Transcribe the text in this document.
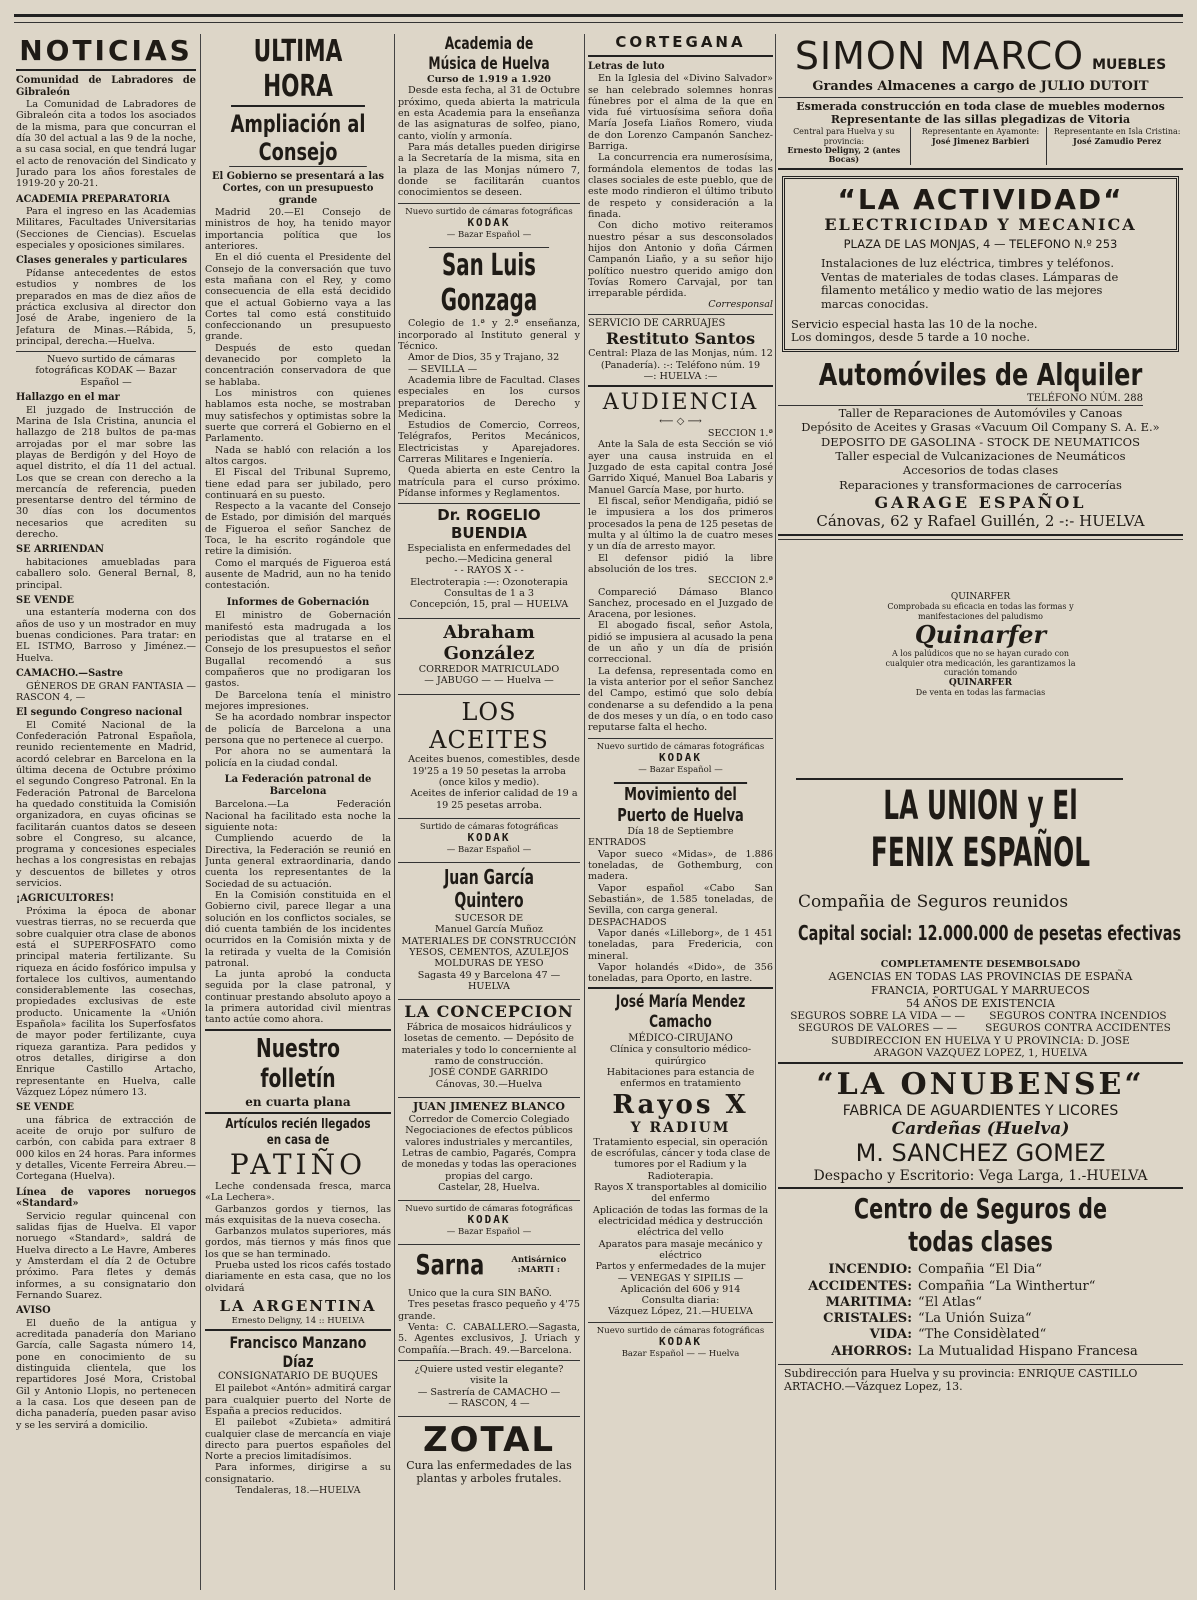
NOTICIAS
Comunidad de Labradores de Gibraleón

La Comunidad de Labradores de Gibraleón cita a todos los asociados de la misma, para que concurran el día 30 del actual a las 9 de la noche, a su casa social, en que tendrá lugar el acto de renovación del Sindicato y Jurado para los años forestales de 1919-20 y 20-21.

ACADEMIA PREPARATORIA

Para el ingreso en las Academias Militares, Facultades Universitarias (Secciones de Ciencias). Escuelas especiales y oposiciones similares.

Clases generales y particulares

Pídanse antecedentes de estos estudios y nombres de los preparados en mas de diez años de práctica exclusiva al director don José de Arabe, ingeniero de la Jefatura de Minas.—Rábida, 5, principal, derecha.—Huelva.

Nuevo surtido de cámaras fotográficas KODAK — Bazar Español —

Hallazgo en el mar

El juzgado de Instrucción de Marina de Isla Cristina, anuncia el hallazgo de 218 bultos de pa-mas arrojadas por el mar sobre las playas de Berdigón y del Hoyo de aquel distrito, el día 11 del actual. Los que se crean con derecho a la mercancía de referencia, pueden presentarse dentro del término de 30 días con los documentos necesarios que acrediten su derecho.

SE ARRIENDAN

habitaciones amuebladas para caballero solo. General Bernal, 8, principal.

SE VENDE

una estantería moderna con dos años de uso y un mostrador en muy buenas condiciones. Para tratar: en EL ISTMO, Barroso y Jiménez.—Huelva.

CAMACHO.—Sastre

GÉNEROS DE GRAN FANTASIA — RASCON 4, —

El segundo Congreso nacional

El Comité Nacional de la Confederación Patronal Española, reunido recientemente en Madrid, acordó celebrar en Barcelona en la última decena de Octubre próximo el segundo Congreso Patronal. En la Federación Patronal de Barcelona ha quedado constituida la Comisión organizadora, en cuyas oficinas se facilitarán cuantos datos se deseen sobre el Congreso, su alcance, programa y concesiones especiales hechas a los congresistas en rebajas y descuentos de billetes y otros servicios.

¡AGRICULTORES!

Próxima la época de abonar vuestras tierras, no se recuerda que sobre cualquier otra clase de abonos está el SUPERFOSFATO como principal materia fertilizante. Su riqueza en ácido fosfórico impulsa y fortalece los cultivos, aumentando considerablemente las cosechas, propiedades exclusivas de este producto. Unicamente la «Unión Española» facilita los Superfosfatos de mayor poder fertilizante, cuya riqueza garantiza. Para pedidos y otros detalles, dirigirse a don Enrique Castillo Artacho, representante en Huelva, calle Vázquez López número 13.

SE VENDE

una fábrica de extracción de aceite de orujo por sulfuro de carbón, con cabida para extraer 8 000 kilos en 24 horas. Para informes y detalles, Vicente Ferreira Abreu.—Cortegana (Huelva).

Línea de vapores noruegos «Standard»

Servicio regular quincenal con salidas fijas de Huelva. El vapor noruego «Standard», saldrá de Huelva directo a Le Havre, Amberes y Amsterdam el día 2 de Octubre próximo. Para fletes y demás informes, a su consignatario don Fernando Suarez.

AVISO

El dueño de la antigua y acreditada panadería don Mariano García, calle Sagasta número 14, pone en conocimiento de su distinguida clientela, que los repartidores José Mora, Cristobal Gil y Antonio Llopis, no pertenecen a la casa. Los que deseen pan de dicha panadería, pueden pasar aviso y se les servirá a domicilio.

ULTIMA HORA
Ampliación al Consejo
El Gobierno se presentará a las Cortes, con un presupuesto grande

Madrid 20.—El Consejo de ministros de hoy, ha tenido mayor importancia política que los anteriores.

En el dió cuenta el Presidente del Consejo de la conversación que tuvo esta mañana con el Rey, y como consecuencia de ella está decidido que el actual Gobierno vaya a las Cortes tal como está constituido confeccionando un presupuesto grande.

Después de esto quedan devanecido por completo la concentración conservadora de que se hablaba.

Los ministros con quienes hablamos esta noche, se mostraban muy satisfechos y optimistas sobre la suerte que correrá el Gobierno en el Parlamento.

Nada se habló con relación a los altos cargos.

El Fiscal del Tribunal Supremo, tiene edad para ser jubilado, pero continuará en su puesto.

Respecto a la vacante del Consejo de Estado, por dimisión del marqués de Figueroa el señor Sanchez de Toca, le ha escrito rogándole que retire la dimisión.

Como el marqués de Figueroa está ausente de Madrid, aun no ha tenido contestación.

Informes de Gobernación

El ministro de Gobernación manifestó esta madrugada a los periodistas que al tratarse en el Consejo de los presupuestos el señor Bugallal recomendó a sus compañeros que no prodigaran los gastos.

De Barcelona tenía el ministro mejores impresiones.

Se ha acordado nombrar inspector de policía de Barcelona a una persona que no pertenece al cuerpo.

Por ahora no se aumentará la policía en la ciudad condal.

La Federación patronal de Barcelona

Barcelona.—La Federación Nacional ha facilitado esta noche la siguiente nota:

Cumpliendo acuerdo de la Directiva, la Federación se reunió en Junta general extraordinaria, dando cuenta los representantes de la Sociedad de su actuación.

En la Comisión constituida en el Gobierno civil, parece llegar a una solución en los conflictos sociales, se dió cuenta también de los incidentes ocurridos en la Comisión mixta y de la retirada y vuelta de la Comisión patronal.

La junta aprobó la conducta seguida por la clase patronal, y continuar prestando absoluto apoyo a la primera autoridad civil mientras tanto actúe como ahora.

Nuestro folletín
en cuarta plana
Artículos recién llegados en casa de
PATIÑO

Leche condensada fresca, marca «La Lechera».

Garbanzos gordos y tiernos, las más exquisitas de la nueva cosecha.

Garbanzos mulatos superiores, más gordos, más tiernos y más finos que los que se han terminado.

Prueba usted los ricos cafés tostado diariamente en esta casa, que no los olvidará

LA ARGENTINA
Ernesto Deligny, 14 :: HUELVA
Francisco Manzano Díaz
CONSIGNATARIO DE BUQUES

El pailebot «Antón» admitirá cargar para cualquier puerto del Norte de España a precios reducidos.

El pailebot «Zubieta» admitirá cualquier clase de mercancía en viaje directo para puertos españoles del Norte a precios limitadísimos.

Para informes, dirigirse a su consignatario.

Tendaleras, 18.—HUELVA
Academia de Música de Huelva
Curso de 1.919 a 1.920

Desde esta fecha, al 31 de Octubre próximo, queda abierta la matricula en esta Academia para la enseñanza de las asignaturas de solfeo, piano, canto, violín y armonía.

Para más detalles pueden dirigirse a la Secretaría de la misma, sita en la plaza de las Monjas número 7, donde se facilitarán cuantos conocimientos se deseen.

Nuevo surtido de cámaras fotográficas
KODAK
— Bazar Español —
San Luis Gonzaga

Colegio de 1.ª y 2.ª enseñanza, incorporado al Instituto general y Técnico.

Amor de Dios, 35 y Trajano, 32

— SEVILLA —

Academia libre de Facultad. Clases especiales en los cursos preparatorios de Derecho y Medicina.

Estudios de Comercio, Correos, Telégrafos, Peritos Mecánicos, Electricistas y Aparejadores. Carreras Militares e Ingeniería.

Queda abierta en este Centro la matrícula para el curso próximo. Pídanse informes y Reglamentos.

Dr. ROGELIO BUENDIA
Especialista en enfermedades del pecho.—Medicina general
- - RAYOS X - -
Electroterapia :—: Ozonoterapia
Consultas de 1 a 3
Concepción, 15, pral — HUELVA
Abraham González
CORREDOR MATRICULADO
— JABUGO — — Huelva —
LOS ACEITES

Aceites buenos, comestibles, desde 19'25 a 19 50 pesetas la arroba (once kilos y medio).

Aceites de inferior calidad de 19 a 19 25 pesetas arroba.

Surtido de cámaras fotográficas
KODAK
— Bazar Español —
Juan García Quintero
SUCESOR DE
Manuel García Muñoz
MATERIALES DE CONSTRUCCIÓN
YESOS, CEMENTOS, AZULEJOS
MOLDURAS DE YESO
Sagasta 49 y Barcelona 47 —HUELVA
LA CONCEPCION
Fábrica de mosaicos hidráulicos y losetas de cemento. — Depósito de materiales y todo lo concerniente al ramo de construcción.
JOSÉ CONDE GARRIDO
Cánovas, 30.—Huelva
JUAN JIMENEZ BLANCO
Corredor de Comercio Colegiado
Negociaciones de efectos públicos valores industriales y mercantiles, Letras de cambio, Pagarés, Compra de monedas y todas las operaciones propias del cargo.
Castelar, 28, Huelva.
Nuevo surtido de cámaras fotográficas
KODAK
— Bazar Español —
Sarna	Antisárnico :MARTI :

Unico que la cura SIN BAÑO.

Tres pesetas frasco pequeño y 4'75 grande.

Venta: C. CABALLERO.—Sagasta, 5. Agentes exclusivos, J. Uriach y Compañía.—Brach. 49.—Barcelona.

¿Quiere usted vestir elegante?
visite la
— Sastrería de CAMACHO —
— RASCON, 4 —
ZOTAL
Cura las enfermedades de las plantas y arboles frutales.
CORTEGANA
Letras de luto

En la Iglesia del «Divino Salvador» se han celebrado solemnes honras fúnebres por el alma de la que en vida fué virtuosísima señora doña María Josefa Liaños Romero, viuda de don Lorenzo Campanón Sanchez-Barriga.

La concurrencia era numerosísima, formándola elementos de todas las clases sociales de este pueblo, que de este modo rindieron el último tributo de respeto y consideración a la finada.

Con dicho motivo reiteramos nuestro pésar a sus desconsolados hijos don Antonio y doña Cármen Campanón Liaño, y a su señor hijo político nuestro querido amigo don Tovías Romero Carvajal, por tan irreparable pérdida.

Corresponsal
SERVICIO DE CARRUAJES
Restituto Santos
Central: Plaza de las Monjas, núm. 12 (Panadería). :-: Teléfono núm. 19
—: HUELVA :—
AUDIENCIA
⟵ ◇ ⟶
SECCION 1.ª

Ante la Sala de esta Sección se vió ayer una causa instruida en el Juzgado de esta capital contra José Garrido Xiqué, Manuel Boa Labaris y Manuel García Mase, por hurto.

El fiscal, señor Mendigaña, pidió se le impusiera a los dos primeros procesados la pena de 125 pesetas de multa y al último la de cuatro meses y un día de arresto mayor.

El defensor pidió la libre absolución de los tres.

SECCION 2.ª

Compareció Dámaso Blanco Sanchez, procesado en el Juzgado de Aracena, por lesiones.

El abogado fiscal, señor Astola, pidió se impusiera al acusado la pena de un año y un día de prisión correccional.

La defensa, representada como en la vista anterior por el señor Sanchez del Campo, estimó que solo debía condenarse a su defendido a la pena de dos meses y un día, o en todo caso reputarse falta el hecho.

Nuevo surtido de cámaras fotográficas
KODAK
— Bazar Español —
Movimiento del Puerto de Huelva
Día 18 de Septiembre
ENTRADOS

Vapor sueco «Midas», de 1.886 toneladas, de Gothemburg, con madera.

Vapor español «Cabo San Sebastián», de 1.585 toneladas, de Sevilla, con carga general.

DESPACHADOS

Vapor danés «Lilleborg», de 1 451 toneladas, para Fredericia, con mineral.

Vapor holandés «Dido», de 356 toneladas, para Oporto, en lastre.

José María Mendez Camacho
MÉDICO-CIRUJANO
Clínica y consultorio médico-quirúrgico
Habitaciones para estancia de enfermos en tratamiento
Rayos X
Y RADIUM
Tratamiento especial, sin operación de escrófulas, cáncer y toda clase de tumores por el Radium y la Radioterapia.
Rayos X transportables al domicilio del enfermo
Aplicación de todas las formas de la electricidad médica y destrucción eléctrica del vello
Aparatos para masaje mecánico y eléctrico
Partos y enfermedades de la mujer
— VENEGAS Y SIPILIS —
Aplicación del 606 y 914
Consulta diaria:
Vázquez López, 21.—HUELVA
Nuevo surtido de cámaras fotográficas
KODAK
Bazar Español — — Huelva
SIMON MARCO MUEBLES
Grandes Almacenes a cargo de JULIO DUTOIT
Esmerada construcción en toda clase de muebles modernos
Representante de las sillas plegadizas de Vitoria
Central para Huelva y su provincia:
Ernesto Deligny, 2 (antes Bocas)
Representante en Ayamonte:
José Jimenez Barbieri
Representante en Isla Cristina:
José Zamudio Perez
“LA ACTIVIDAD“
ELECTRICIDAD Y MECANICA
PLAZA DE LAS MONJAS, 4 — TELEFONO N.º 253
Instalaciones de luz eléctrica, timbres y teléfonos. Ventas de materiales de todas clases. Lámparas de filamento metálico y medio watio de las mejores marcas conocidas.
Servicio especial hasta las 10 de la noche.
Los domingos, desde 5 tarde a 10 noche.
Automóviles de Alquiler
TELÉFONO NÚM. 288
Taller de Reparaciones de Automóviles y Canoas
Depósito de Aceites y Grasas «Vacuum Oil Company S. A. E.»
DEPOSITO DE GASOLINA - STOCK DE NEUMATICOS
Taller especial de Vulcanizaciones de Neumáticos
Accesorios de todas clases
Reparaciones y transformaciones de carrocerías
GARAGE ESPAÑOL
Cánovas, 62 y Rafael Guillén, 2 -:- HUELVA
QUINARFER
Comprobada su eficacia en todas las formas y manifestaciones del paludismo
Quinarfer
A los palúdicos que no se hayan curado con cualquier otra medicación, les garantizamos la curación tomando
QUINARFER
De venta en todas las farmacias
LA UNION y El FENIX ESPAÑOL
Compañia de Seguros reunidos
Capital social: 12.000.000 de pesetas efectivas
COMPLETAMENTE DESEMBOLSADO
AGENCIAS EN TODAS LAS PROVINCIAS DE ESPAÑA
FRANCIA, PORTUGAL Y MARRUECOS
54 AÑOS DE EXISTENCIA
SEGUROS SOBRE LA VIDA — —
SEGUROS DE VALORES — —
SEGUROS CONTRA INCENDIOS
SEGUROS CONTRA ACCIDENTES
SUBDIRECCION EN HUELVA Y U PROVINCIA: D. JOSE ARAGON VAZQUEZ LOPEZ, 1, HUELVA
“LA ONUBENSE“
FABRICA DE AGUARDIENTES Y LICORES
Cardeñas (Huelva)
M. SANCHEZ GOMEZ
Despacho y Escritorio: Vega Larga, 1.-HUELVA
Centro de Seguros de todas clases
INCENDIO: Compañia “El Dia“
ACCIDENTES: Compañia “La Winthertur“
MARITIMA: “El Atlas“
CRISTALES: “La Unión Suiza“
VIDA: “The Considèlated“
AHORROS: La Mutualidad Hispano Francesa
Subdirección para Huelva y su provincia: ENRIQUE CASTILLO ARTACHO.—Vázquez Lopez, 13.
